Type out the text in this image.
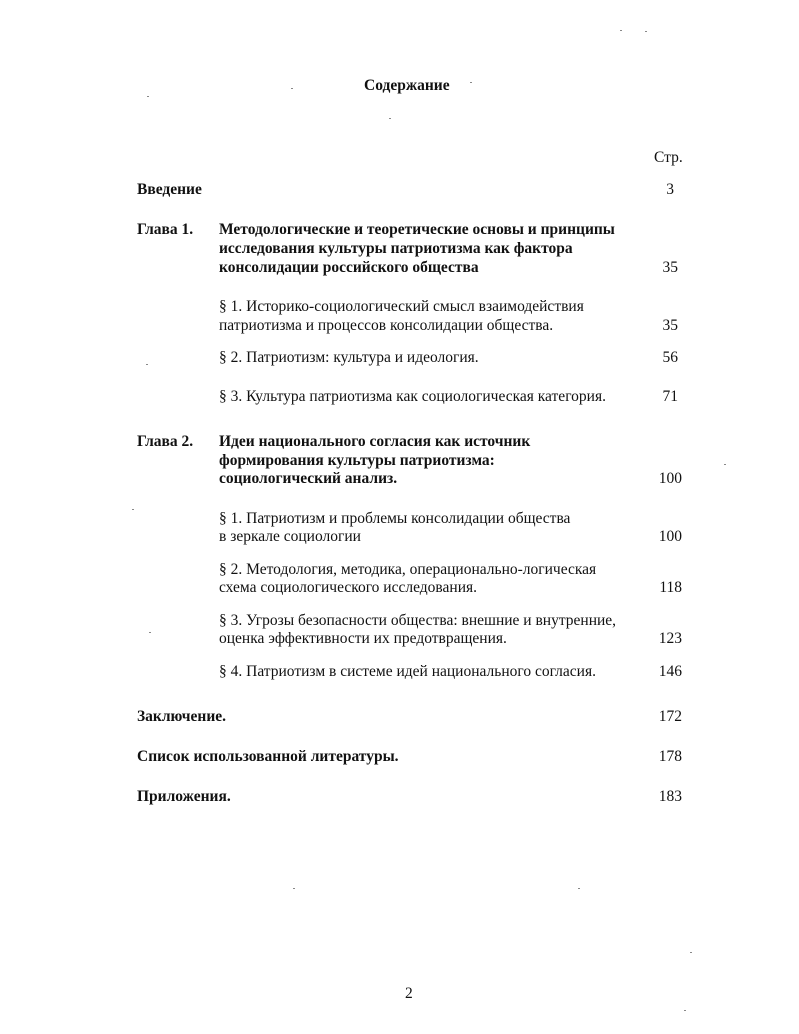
Содержание
Стр.
Введение	3
Глава 1. Методологические и теоретические основы и принципы
исследования культуры патриотизма как фактора
консолидации российского общества	35
§ 1. Историко-социологический смысл взаимодействия
патриотизма и процессов консолидации общества.	35
§ 2. Патриотизм: культура и идеология.	56
§ 3. Культура патриотизма как социологическая категория.	71
Глава 2. Идеи национального согласия как источник
формирования культуры патриотизма:
социологический анализ.	100
§ 1. Патриотизм и проблемы консолидации общества
в зеркале социологии	100
§ 2. Методология, методика, операционально-логическая
схема социологического исследования.	118
§ 3. Угрозы безопасности общества: внешние и внутренние,
оценка эффективности их предотвращения.	123
§ 4. Патриотизм в системе идей национального согласия.	146
Заключение.	172
Список использованной литературы.	178
Приложения.	183
2
